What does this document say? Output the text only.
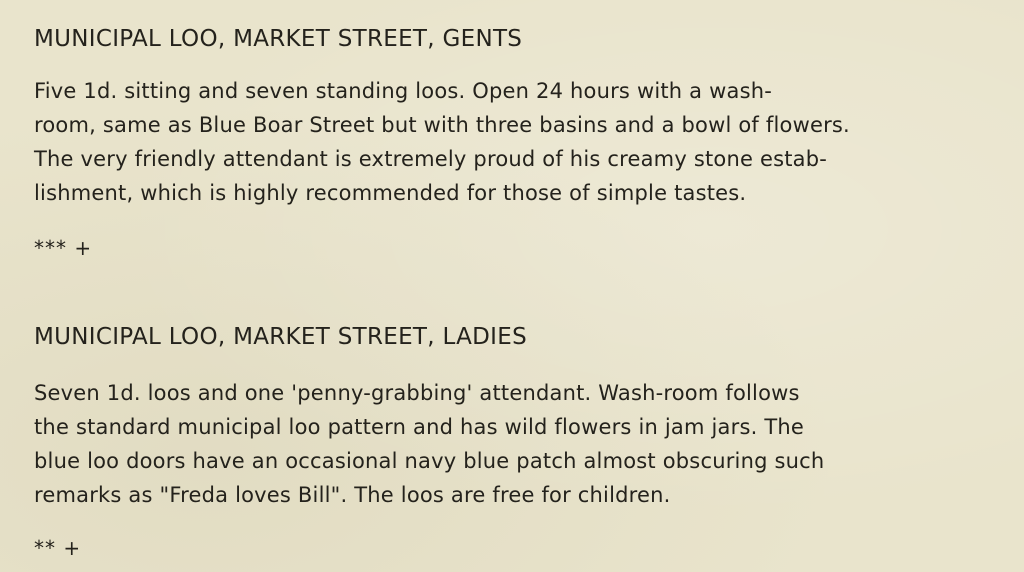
MUNICIPAL LOO, MARKET STREET, GENTS
Five 1d. sitting and seven standing loos. Open 24 hours with a wash-
room, same as Blue Boar Street but with three basins and a bowl of flowers.
The very friendly attendant is extremely proud of his creamy stone estab-
lishment, which is highly recommended for those of simple tastes.
*** +
MUNICIPAL LOO, MARKET STREET, LADIES
Seven 1d. loos and one 'penny-grabbing' attendant. Wash-room follows
the standard municipal loo pattern and has wild flowers in jam jars. The
blue loo doors have an occasional navy blue patch almost obscuring such
remarks as "Freda loves Bill". The loos are free for children.
** +
